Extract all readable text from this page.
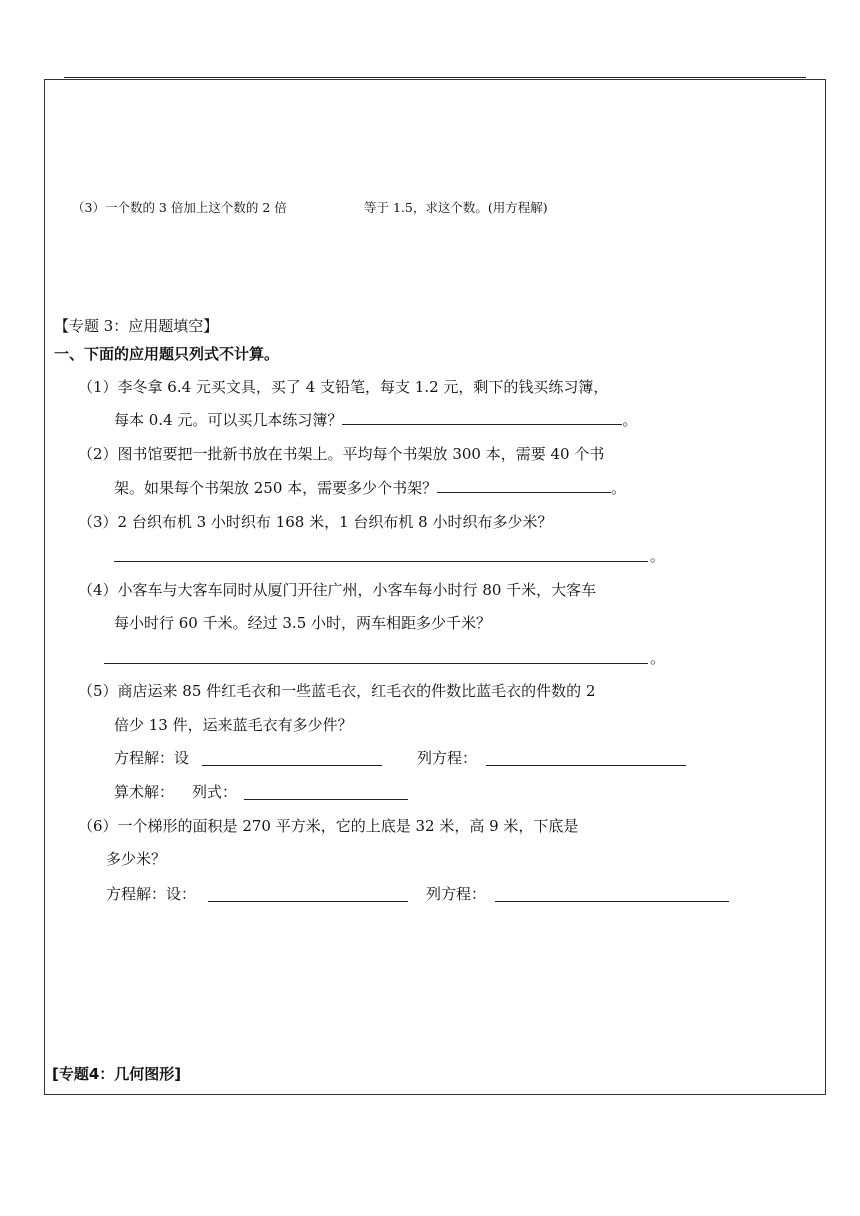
（3）一个数的 3 倍加上这个数的 2 倍	等于 1.5，求这个数。(用方程解)
【专题 3：应用题填空】
一、下面的应用题只列式不计算。
（1）李冬拿 6.4 元买文具，买了 4 支铅笔，每支 1.2 元，剩下的钱买练习簿，
每本 0.4 元。可以买几本练习簿？	。
（2）图书馆要把一批新书放在书架上。平均每个书架放 300 本，需要 40 个书
架。如果每个书架放 250 本，需要多少个书架？	。
（3）2 台织布机 3 小时织布 168 米，1 台织布机 8 小时织布多少米？
。
（4）小客车与大客车同时从厦门开往广州，小客车每小时行 80 千米，大客车
每小时行 60 千米。经过 3.5 小时，两车相距多少千米？
。
（5）商店运来 85 件红毛衣和一些蓝毛衣，红毛衣的件数比蓝毛衣的件数的 2
倍少 13 件，运来蓝毛衣有多少件？
方程解：设	列方程：
算术解： 列式：
（6）一个梯形的面积是 270 平方米，它的上底是 32 米，高 9 米，下底是
多少米？
方程解：设：	列方程：
[专题4：几何图形]
